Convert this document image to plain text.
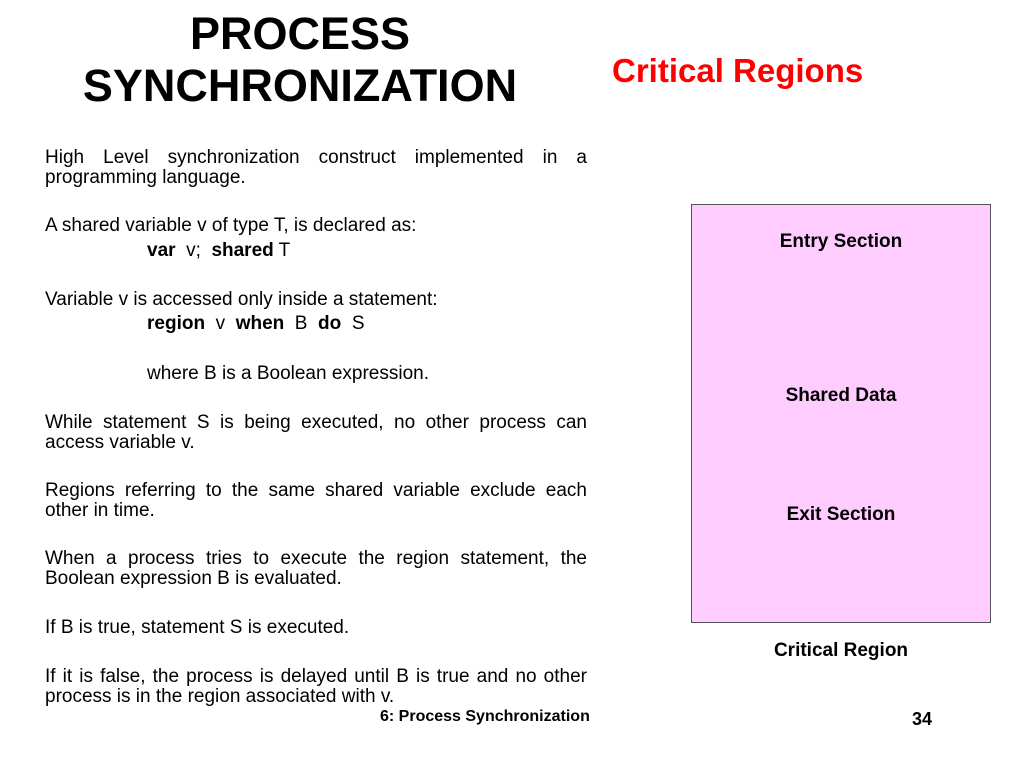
PROCESS
SYNCHRONIZATION	Critical Regions
High Level synchronization construct implemented in a programming language.
A shared variable v of type T, is declared as:
var  v;  shared T
Variable v is accessed only inside a statement:
region  v  when  B  do  S
where B is a Boolean expression.
While statement S is being executed, no other process can access variable v.
Regions referring to the same shared variable exclude each other in time.
When a process tries to execute the region statement, the Boolean expression B is evaluated.
If B is true, statement S is executed.
If it is false, the process is delayed until B is true and no other process is in the region associated with v.
Entry Section
Shared Data
Exit Section
Critical Region
6: Process Synchronization	34
